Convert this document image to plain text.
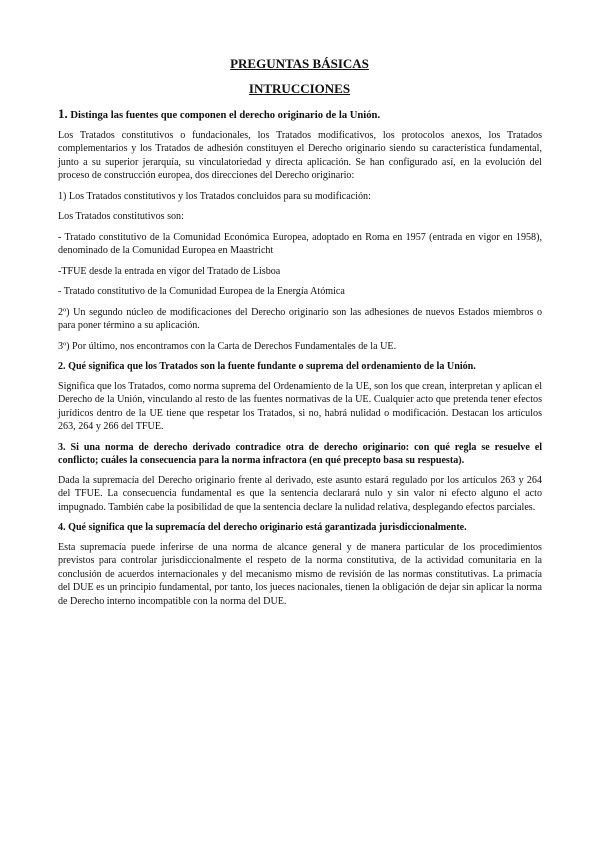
PREGUNTAS BÁSICAS
INTRUCCIONES
1. Distinga las fuentes que componen el derecho originario de la Unión.

Los Tratados constitutivos o fundacionales, los Tratados modificativos, los protocolos anexos, los Tratados complementarios y los Tratados de adhesión constituyen el Derecho originario siendo su característica fundamental, junto a su superior jerarquía, su vinculatoriedad y directa aplicación. Se han configurado así, en la evolución del proceso de construcción europea, dos direcciones del Derecho originario:

1) Los Tratados constitutivos y los Tratados concluidos para su modificación:

Los Tratados constitutivos son:

- Tratado constitutivo de la Comunidad Económica Europea, adoptado en Roma en 1957 (entrada en vigor en 1958), denominado de la Comunidad Europea en Maastricht

-TFUE desde la entrada en vigor del Tratado de Lisboa

- Tratado constitutivo de la Comunidad Europea de la Energía Atómica

2º) Un segundo núcleo de modificaciones del Derecho originario son las adhesiones de nuevos Estados miembros o para poner término a su aplicación.

3º) Por último, nos encontramos con la Carta de Derechos Fundamentales de la UE.

2. Qué significa que los Tratados son la fuente fundante o suprema del ordenamiento de la Unión.

Significa que los Tratados, como norma suprema del Ordenamiento de la UE, son los que crean, interpretan y aplican el Derecho de la Unión, vinculando al resto de las fuentes normativas de la UE. Cualquier acto que pretenda tener efectos jurídicos dentro de la UE tiene que respetar los Tratados, si no, habrá nulidad o modificación. Destacan los artículos 263, 264 y 266 del TFUE.

3. Si una norma de derecho derivado contradice otra de derecho originario: con qué regla se resuelve el conflicto; cuáles la consecuencia para la norma infractora (en qué precepto basa su respuesta).

Dada la supremacía del Derecho originario frente al derivado, este asunto estará regulado por los artículos 263 y 264 del TFUE. La consecuencia fundamental es que la sentencia declarará nulo y sin valor ni efecto alguno el acto impugnado. También cabe la posibilidad de que la sentencia declare la nulidad relativa, desplegando efectos parciales.

4. Qué significa que la supremacía del derecho originario está garantizada jurisdiccionalmente.

Esta supremacía puede inferirse de una norma de alcance general y de manera particular de los procedimientos previstos para controlar jurisdiccionalmente el respeto de la norma constitutiva, de la actividad comunitaria en la conclusión de acuerdos internacionales y del mecanismo mismo de revisión de las normas constitutivas. La primacía del DUE es un principio fundamental, por tanto, los jueces nacionales, tienen la obligación de dejar sin aplicar la norma de Derecho interno incompatible con la norma del DUE.
